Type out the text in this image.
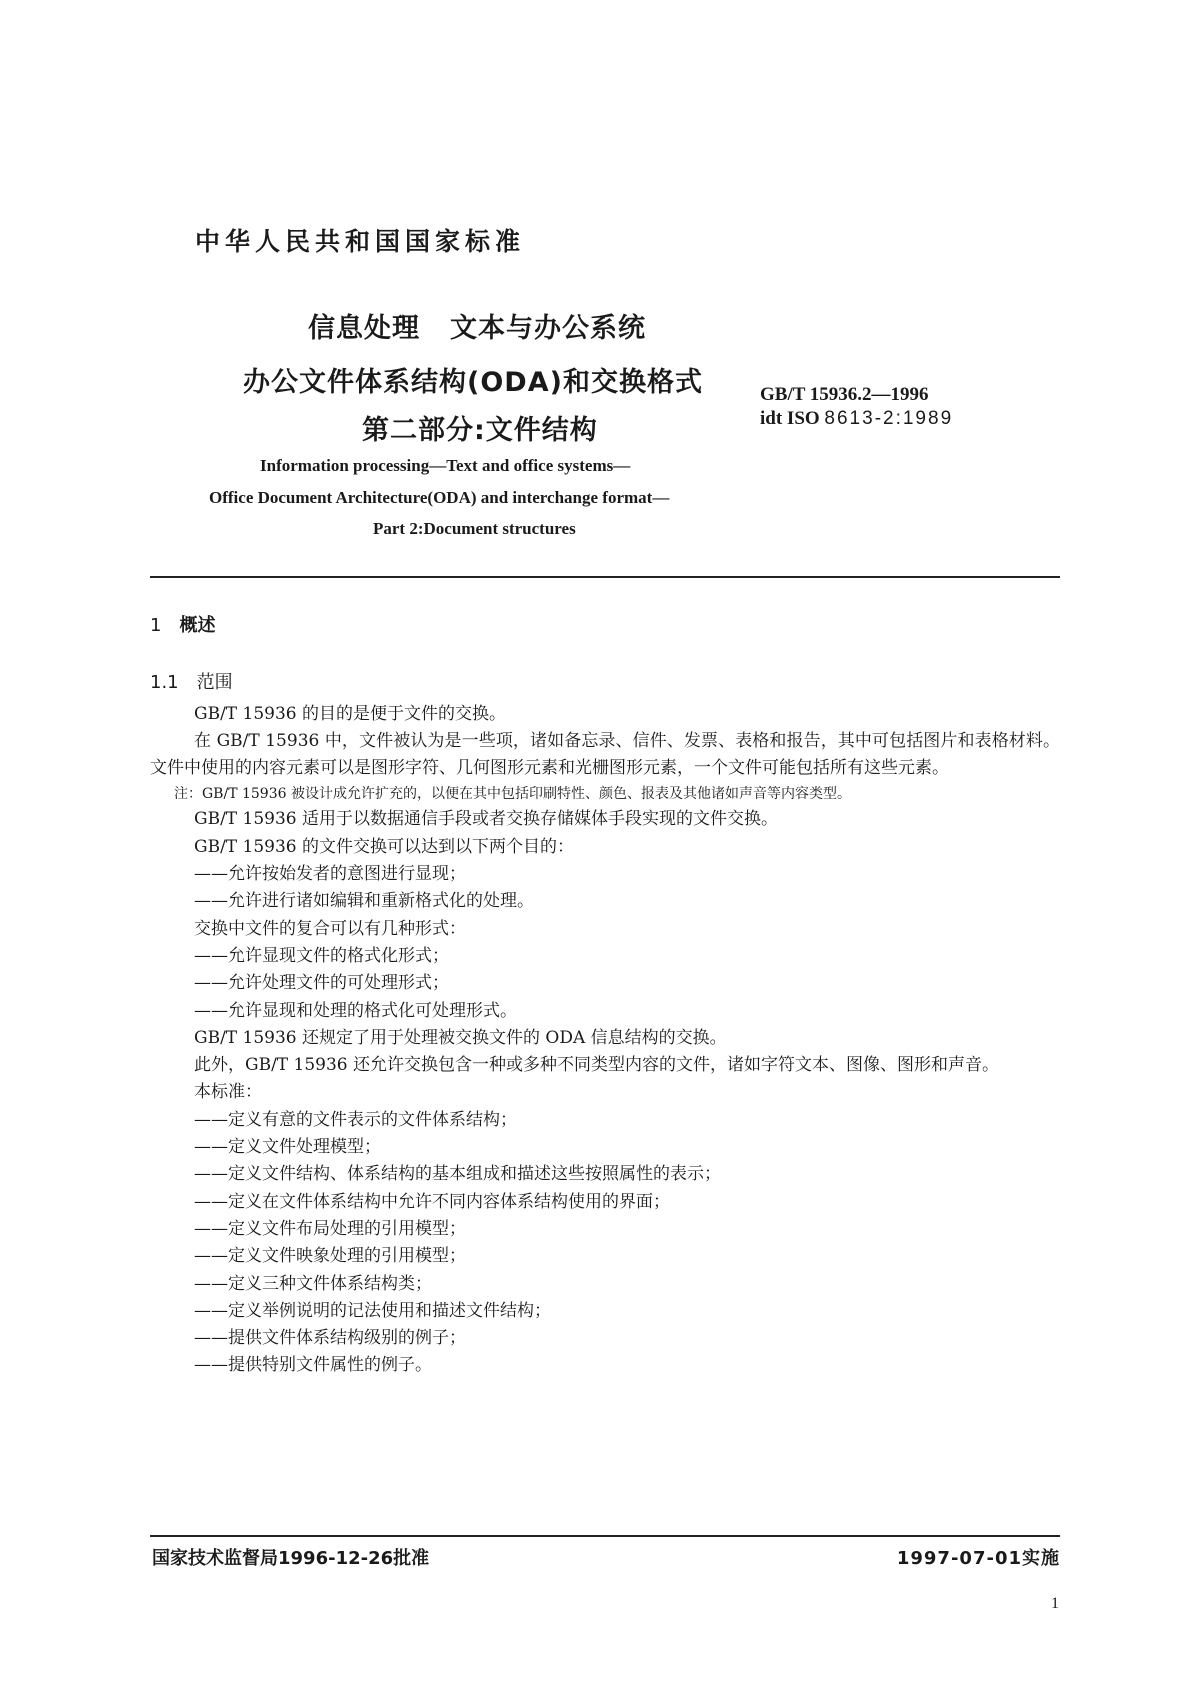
中华人民共和国国家标准
信息处理 文本与办公系统
办公文件体系结构(ODA)和交换格式
第二部分:文件结构
GB/T 15936.2—1996
idt ISO 8613-2:1989
Information processing—Text and office systems—
Office Document Architecture(ODA) and interchange format—
Part 2:Document structures

1 概述

1.1 范围

GB/T 15936 的目的是便于文件的交换。

在 GB/T 15936 中，文件被认为是一些项，诸如备忘录、信件、发票、表格和报告，其中可包括图片和表格材料。文件中使用的内容元素可以是图形字符、几何图形元素和光栅图形元素，一个文件可能包括所有这些元素。

注：GB/T 15936 被设计成允许扩充的，以便在其中包括印刷特性、颜色、报表及其他诸如声音等内容类型。

GB/T 15936 适用于以数据通信手段或者交换存储媒体手段实现的文件交换。

GB/T 15936 的文件交换可以达到以下两个目的：

——允许按始发者的意图进行显现；

——允许进行诸如编辑和重新格式化的处理。

交换中文件的复合可以有几种形式：

——允许显现文件的格式化形式；

——允许处理文件的可处理形式；

——允许显现和处理的格式化可处理形式。

GB/T 15936 还规定了用于处理被交换文件的 ODA 信息结构的交换。

此外，GB/T 15936 还允许交换包含一种或多种不同类型内容的文件，诸如字符文本、图像、图形和声音。

本标准：

——定义有意的文件表示的文件体系结构；

——定义文件处理模型；

——定义文件结构、体系结构的基本组成和描述这些按照属性的表示；

——定义在文件体系结构中允许不同内容体系结构使用的界面；

——定义文件布局处理的引用模型；

——定义文件映象处理的引用模型；

——定义三种文件体系结构类；

——定义举例说明的记法使用和描述文件结构；

——提供文件体系结构级别的例子；

——提供特别文件属性的例子。

国家技术监督局1996-12-26批准	1997-07-01实施
1
